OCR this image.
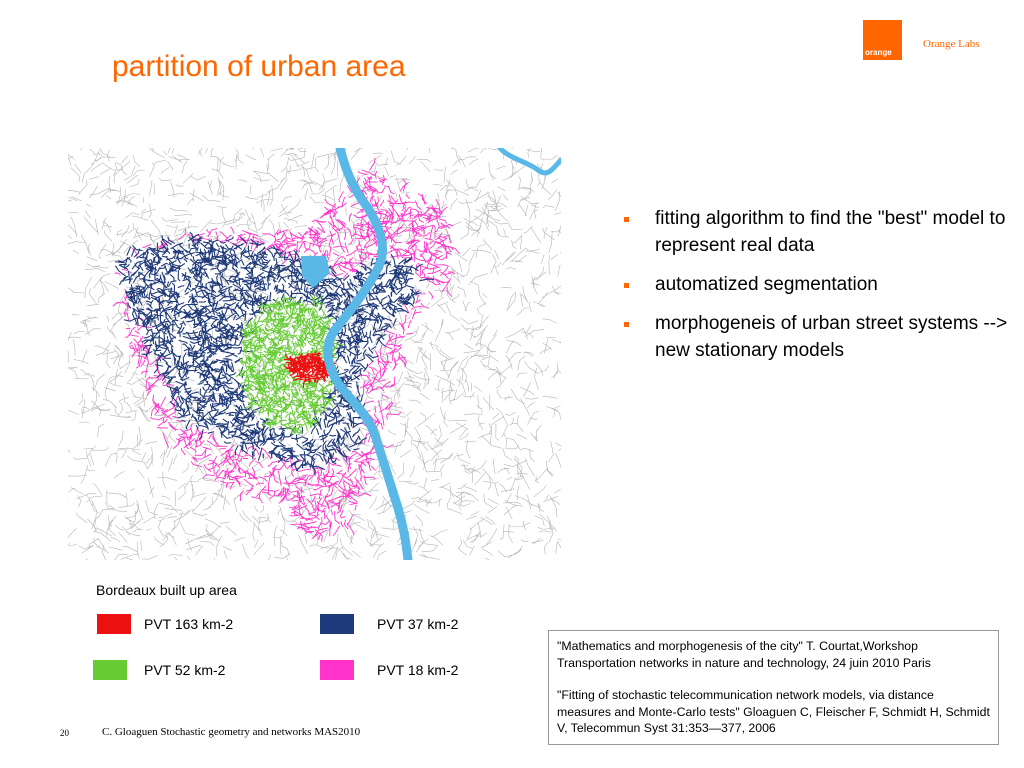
partition of urban area	orange
Orange Labs
fitting algorithm to find the "best" model to represent real data
automatized segmentation
morphogeneis of urban street systems --> new stationary models
Bordeaux built up area
PVT 163 km-2	PVT 37 km-2
PVT 52 km-2	PVT 18 km-2

"Mathematics and morphogenesis of the city" T. Courtat,Workshop Transportation networks in nature and technology, 24 juin 2010 Paris

"Fitting of stochastic telecommunication network models, via distance measures and Monte-Carlo tests" Gloaguen C, Fleischer F, Schmidt H, Schmidt V, Telecommun Syst 31:353—377, 2006

20	C. Gloaguen Stochastic geometry and networks MAS2010
